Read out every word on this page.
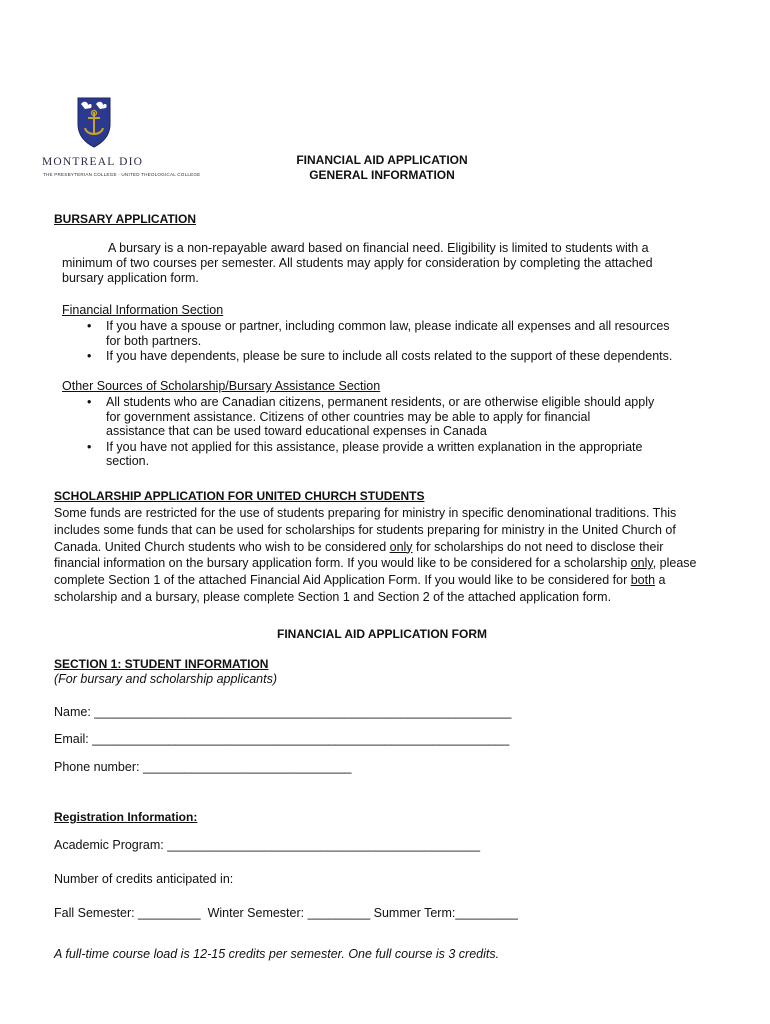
MONTREAL DIO
THE PRESBYTERIAN COLLEGE · UNITED THEOLOGICAL COLLEGE
FINANCIAL AID APPLICATION
GENERAL INFORMATION
BURSARY APPLICATION
A bursary is a non-repayable award based on financial need. Eligibility is limited to students with a
minimum of two courses per semester. All students may apply for consideration by completing the attached
bursary application form.
Financial Information Section
• If you have a spouse or partner, including common law, please indicate all expenses and all resources
for both partners.
• If you have dependents, please be sure to include all costs related to the support of these dependents.
Other Sources of Scholarship/Bursary Assistance Section
• All students who are Canadian citizens, permanent residents, or are otherwise eligible should apply
for government assistance. Citizens of other countries may be able to apply for financial
assistance that can be used toward educational expenses in Canada
• If you have not applied for this assistance, please provide a written explanation in the appropriate
section.
SCHOLARSHIP APPLICATION FOR UNITED CHURCH STUDENTS
Some funds are restricted for the use of students preparing for ministry in specific denominational traditions. This
includes some funds that can be used for scholarships for students preparing for ministry in the United Church of
Canada. United Church students who wish to be considered only for scholarships do not need to disclose their
financial information on the bursary application form. If you would like to be considered for a scholarship only, please
complete Section 1 of the attached Financial Aid Application Form. If you would like to be considered for both a
scholarship and a bursary, please complete Section 1 and Section 2 of the attached application form.
FINANCIAL AID APPLICATION FORM
SECTION 1: STUDENT INFORMATION
(For bursary and scholarship applicants)
Name: ____________________________________________________________
Email: ____________________________________________________________
Phone number: ______________________________
Registration Information:
Academic Program: _____________________________________________
Number of credits anticipated in:
Fall Semester: _________  Winter Semester: _________ Summer Term:_________
A full-time course load is 12-15 credits per semester. One full course is 3 credits.
